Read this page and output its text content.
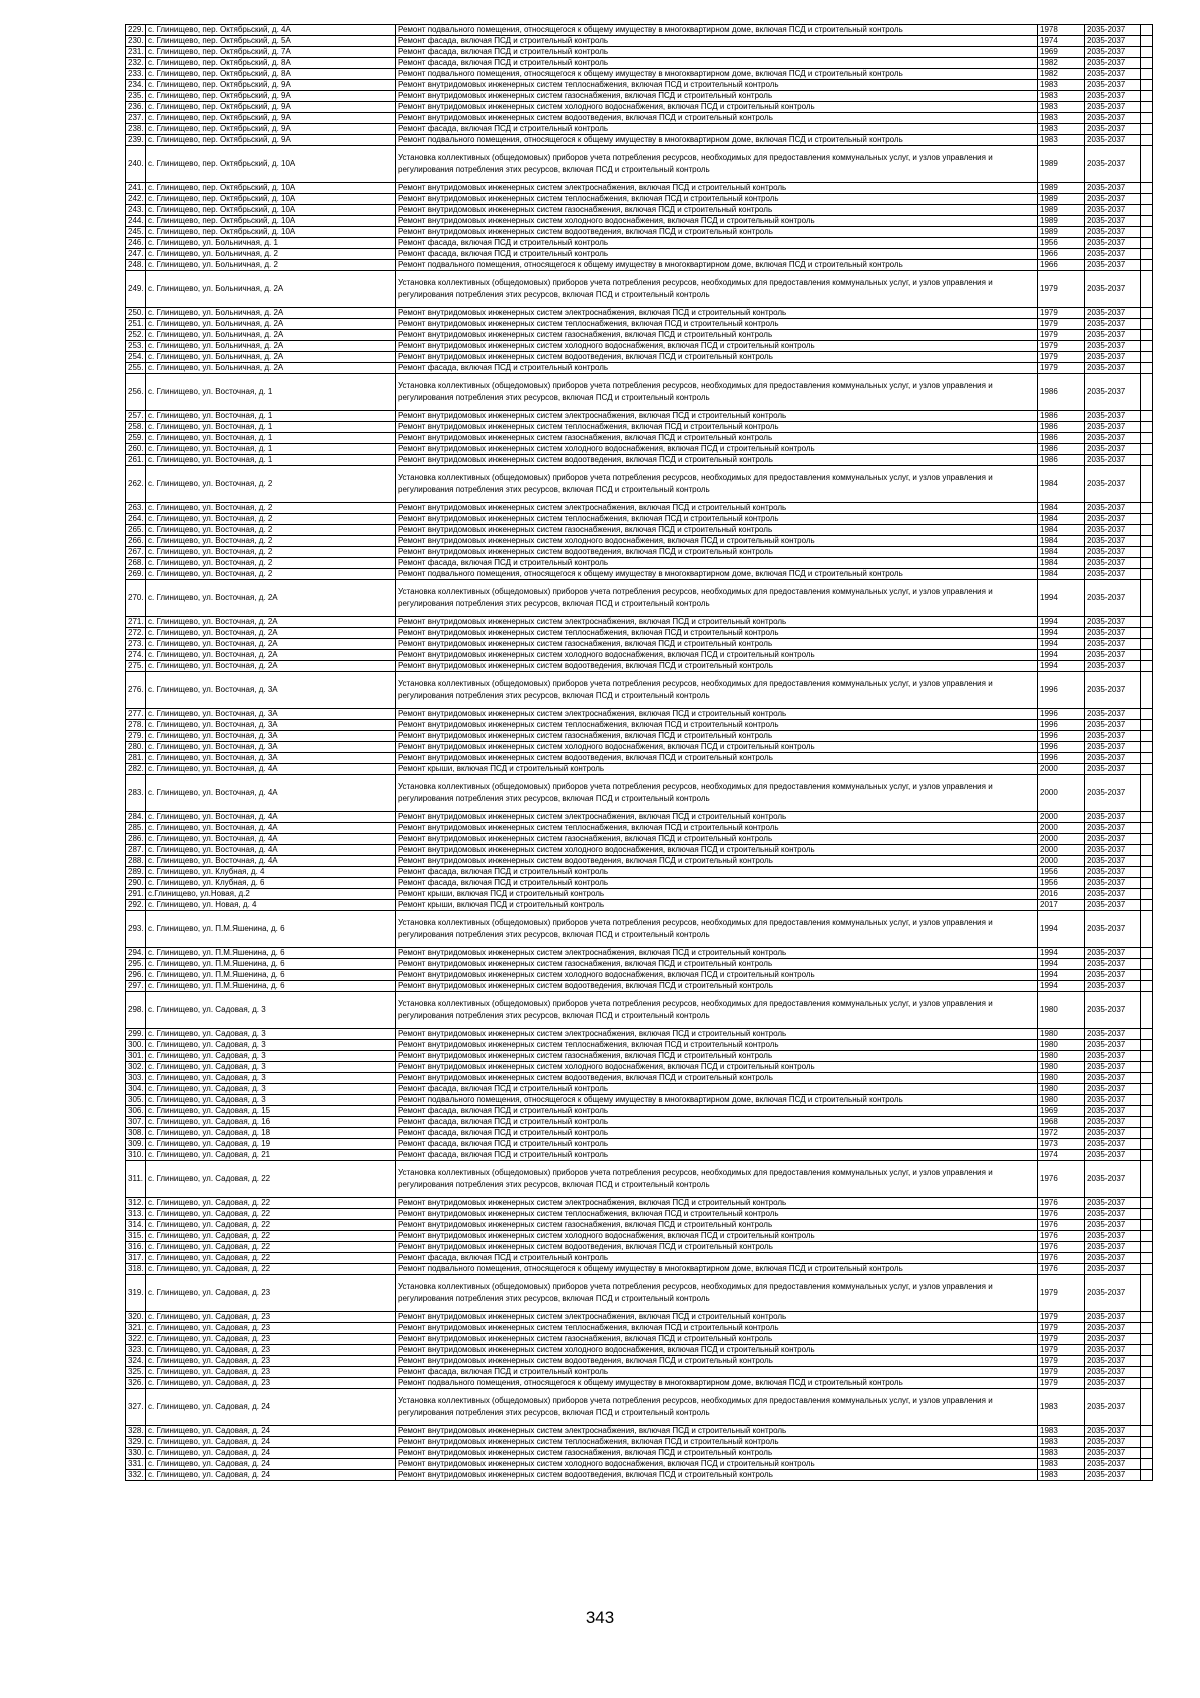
229.	с. Глинищево, пер. Октябрьский, д. 4А	Ремонт подвального помещения, относящегося к общему имуществу в многоквартирном доме, включая ПСД и строительный контроль	1978	2035-2037	
230.	с. Глинищево, пер. Октябрьский, д. 5А	Ремонт фасада, включая ПСД и строительный контроль	1974	2035-2037	
231.	с. Глинищево, пер. Октябрьский, д. 7А	Ремонт фасада, включая ПСД и строительный контроль	1969	2035-2037	
232.	с. Глинищево, пер. Октябрьский, д. 8А	Ремонт фасада, включая ПСД и строительный контроль	1982	2035-2037	
233.	с. Глинищево, пер. Октябрьский, д. 8А	Ремонт подвального помещения, относящегося к общему имуществу в многоквартирном доме, включая ПСД и строительный контроль	1982	2035-2037	
234.	с. Глинищево, пер. Октябрьский, д. 9А	Ремонт внутридомовых инженерных систем теплоснабжения, включая ПСД и строительный контроль	1983	2035-2037	
235.	с. Глинищево, пер. Октябрьский, д. 9А	Ремонт внутридомовых инженерных систем газоснабжения, включая ПСД и строительный контроль	1983	2035-2037	
236.	с. Глинищево, пер. Октябрьский, д. 9А	Ремонт внутридомовых инженерных систем холодного водоснабжения, включая ПСД и строительный контроль	1983	2035-2037	
237.	с. Глинищево, пер. Октябрьский, д. 9А	Ремонт внутридомовых инженерных систем водоотведения, включая ПСД и строительный контроль	1983	2035-2037	
238.	с. Глинищево, пер. Октябрьский, д. 9А	Ремонт фасада, включая ПСД и строительный контроль	1983	2035-2037	
239.	с. Глинищево, пер. Октябрьский, д. 9А	Ремонт подвального помещения, относящегося к общему имуществу в многоквартирном доме, включая ПСД и строительный контроль	1983	2035-2037	
240.	с. Глинищево, пер. Октябрьский, д. 10А	Установка коллективных (общедомовых) приборов учета потребления ресурсов, необходимых для предоставления коммунальных услуг, и узлов управления и регулирования потребления этих ресурсов, включая ПСД и строительный контроль	1989	2035-2037	
241.	с. Глинищево, пер. Октябрьский, д. 10А	Ремонт внутридомовых инженерных систем электроснабжения, включая ПСД и строительный контроль	1989	2035-2037	
242.	с. Глинищево, пер. Октябрьский, д. 10А	Ремонт внутридомовых инженерных систем теплоснабжения, включая ПСД и строительный контроль	1989	2035-2037	
243.	с. Глинищево, пер. Октябрьский, д. 10А	Ремонт внутридомовых инженерных систем газоснабжения, включая ПСД и строительный контроль	1989	2035-2037	
244.	с. Глинищево, пер. Октябрьский, д. 10А	Ремонт внутридомовых инженерных систем холодного водоснабжения, включая ПСД и строительный контроль	1989	2035-2037	
245.	с. Глинищево, пер. Октябрьский, д. 10А	Ремонт внутридомовых инженерных систем водоотведения, включая ПСД и строительный контроль	1989	2035-2037	
246.	с. Глинищево, ул. Больничная, д. 1	Ремонт фасада, включая ПСД и строительный контроль	1956	2035-2037	
247.	с. Глинищево, ул. Больничная, д. 2	Ремонт фасада, включая ПСД и строительный контроль	1966	2035-2037	
248.	с. Глинищево, ул. Больничная, д. 2	Ремонт подвального помещения, относящегося к общему имуществу в многоквартирном доме, включая ПСД и строительный контроль	1966	2035-2037	
249.	с. Глинищево, ул. Больничная, д. 2А	Установка коллективных (общедомовых) приборов учета потребления ресурсов, необходимых для предоставления коммунальных услуг, и узлов управления и регулирования потребления этих ресурсов, включая ПСД и строительный контроль	1979	2035-2037	
250.	с. Глинищево, ул. Больничная, д. 2А	Ремонт внутридомовых инженерных систем электроснабжения, включая ПСД и строительный контроль	1979	2035-2037	
251.	с. Глинищево, ул. Больничная, д. 2А	Ремонт внутридомовых инженерных систем теплоснабжения, включая ПСД и строительный контроль	1979	2035-2037	
252.	с. Глинищево, ул. Больничная, д. 2А	Ремонт внутридомовых инженерных систем газоснабжения, включая ПСД и строительный контроль	1979	2035-2037	
253.	с. Глинищево, ул. Больничная, д. 2А	Ремонт внутридомовых инженерных систем холодного водоснабжения, включая ПСД и строительный контроль	1979	2035-2037	
254.	с. Глинищево, ул. Больничная, д. 2А	Ремонт внутридомовых инженерных систем водоотведения, включая ПСД и строительный контроль	1979	2035-2037	
255.	с. Глинищево, ул. Больничная, д. 2А	Ремонт фасада, включая ПСД и строительный контроль	1979	2035-2037	
256.	с. Глинищево, ул. Восточная, д. 1	Установка коллективных (общедомовых) приборов учета потребления ресурсов, необходимых для предоставления коммунальных услуг, и узлов управления и регулирования потребления этих ресурсов, включая ПСД и строительный контроль	1986	2035-2037	
257.	с. Глинищево, ул. Восточная, д. 1	Ремонт внутридомовых инженерных систем электроснабжения, включая ПСД и строительный контроль	1986	2035-2037	
258.	с. Глинищево, ул. Восточная, д. 1	Ремонт внутридомовых инженерных систем теплоснабжения, включая ПСД и строительный контроль	1986	2035-2037	
259.	с. Глинищево, ул. Восточная, д. 1	Ремонт внутридомовых инженерных систем газоснабжения, включая ПСД и строительный контроль	1986	2035-2037	
260.	с. Глинищево, ул. Восточная, д. 1	Ремонт внутридомовых инженерных систем холодного водоснабжения, включая ПСД и строительный контроль	1986	2035-2037	
261.	с. Глинищево, ул. Восточная, д. 1	Ремонт внутридомовых инженерных систем водоотведения, включая ПСД и строительный контроль	1986	2035-2037	
262.	с. Глинищево, ул. Восточная, д. 2	Установка коллективных (общедомовых) приборов учета потребления ресурсов, необходимых для предоставления коммунальных услуг, и узлов управления и регулирования потребления этих ресурсов, включая ПСД и строительный контроль	1984	2035-2037	
263.	с. Глинищево, ул. Восточная, д. 2	Ремонт внутридомовых инженерных систем электроснабжения, включая ПСД и строительный контроль	1984	2035-2037	
264.	с. Глинищево, ул. Восточная, д. 2	Ремонт внутридомовых инженерных систем теплоснабжения, включая ПСД и строительный контроль	1984	2035-2037	
265.	с. Глинищево, ул. Восточная, д. 2	Ремонт внутридомовых инженерных систем газоснабжения, включая ПСД и строительный контроль	1984	2035-2037	
266.	с. Глинищево, ул. Восточная, д. 2	Ремонт внутридомовых инженерных систем холодного водоснабжения, включая ПСД и строительный контроль	1984	2035-2037	
267.	с. Глинищево, ул. Восточная, д. 2	Ремонт внутридомовых инженерных систем водоотведения, включая ПСД и строительный контроль	1984	2035-2037	
268.	с. Глинищево, ул. Восточная, д. 2	Ремонт фасада, включая ПСД и строительный контроль	1984	2035-2037	
269.	с. Глинищево, ул. Восточная, д. 2	Ремонт подвального помещения, относящегося к общему имуществу в многоквартирном доме, включая ПСД и строительный контроль	1984	2035-2037	
270.	с. Глинищево, ул. Восточная, д. 2А	Установка коллективных (общедомовых) приборов учета потребления ресурсов, необходимых для предоставления коммунальных услуг, и узлов управления и регулирования потребления этих ресурсов, включая ПСД и строительный контроль	1994	2035-2037	
271.	с. Глинищево, ул. Восточная, д. 2А	Ремонт внутридомовых инженерных систем электроснабжения, включая ПСД и строительный контроль	1994	2035-2037	
272.	с. Глинищево, ул. Восточная, д. 2А	Ремонт внутридомовых инженерных систем теплоснабжения, включая ПСД и строительный контроль	1994	2035-2037	
273.	с. Глинищево, ул. Восточная, д. 2А	Ремонт внутридомовых инженерных систем газоснабжения, включая ПСД и строительный контроль	1994	2035-2037	
274.	с. Глинищево, ул. Восточная, д. 2А	Ремонт внутридомовых инженерных систем холодного водоснабжения, включая ПСД и строительный контроль	1994	2035-2037	
275.	с. Глинищево, ул. Восточная, д. 2А	Ремонт внутридомовых инженерных систем водоотведения, включая ПСД и строительный контроль	1994	2035-2037	
276.	с. Глинищево, ул. Восточная, д. 3А	Установка коллективных (общедомовых) приборов учета потребления ресурсов, необходимых для предоставления коммунальных услуг, и узлов управления и регулирования потребления этих ресурсов, включая ПСД и строительный контроль	1996	2035-2037	
277.	с. Глинищево, ул. Восточная, д. 3А	Ремонт внутридомовых инженерных систем электроснабжения, включая ПСД и строительный контроль	1996	2035-2037	
278.	с. Глинищево, ул. Восточная, д. 3А	Ремонт внутридомовых инженерных систем теплоснабжения, включая ПСД и строительный контроль	1996	2035-2037	
279.	с. Глинищево, ул. Восточная, д. 3А	Ремонт внутридомовых инженерных систем газоснабжения, включая ПСД и строительный контроль	1996	2035-2037	
280.	с. Глинищево, ул. Восточная, д. 3А	Ремонт внутридомовых инженерных систем холодного водоснабжения, включая ПСД и строительный контроль	1996	2035-2037	
281.	с. Глинищево, ул. Восточная, д. 3А	Ремонт внутридомовых инженерных систем водоотведения, включая ПСД и строительный контроль	1996	2035-2037	
282.	с. Глинищево, ул. Восточная, д. 4А	Ремонт крыши, включая ПСД и строительный контроль	2000	2035-2037	
283.	с. Глинищево, ул. Восточная, д. 4А	Установка коллективных (общедомовых) приборов учета потребления ресурсов, необходимых для предоставления коммунальных услуг, и узлов управления и регулирования потребления этих ресурсов, включая ПСД и строительный контроль	2000	2035-2037	
284.	с. Глинищево, ул. Восточная, д. 4А	Ремонт внутридомовых инженерных систем электроснабжения, включая ПСД и строительный контроль	2000	2035-2037	
285.	с. Глинищево, ул. Восточная, д. 4А	Ремонт внутридомовых инженерных систем теплоснабжения, включая ПСД и строительный контроль	2000	2035-2037	
286.	с. Глинищево, ул. Восточная, д. 4А	Ремонт внутридомовых инженерных систем газоснабжения, включая ПСД и строительный контроль	2000	2035-2037	
287.	с. Глинищево, ул. Восточная, д. 4А	Ремонт внутридомовых инженерных систем холодного водоснабжения, включая ПСД и строительный контроль	2000	2035-2037	
288.	с. Глинищево, ул. Восточная, д. 4А	Ремонт внутридомовых инженерных систем водоотведения, включая ПСД и строительный контроль	2000	2035-2037	
289.	с. Глинищево, ул. Клубная, д. 4	Ремонт фасада, включая ПСД и строительный контроль	1956	2035-2037	
290.	с. Глинищево, ул. Клубная, д. 6	Ремонт фасада, включая ПСД и строительный контроль	1956	2035-2037	
291.	с.Глинищево, ул.Новая, д.2	Ремонт крыши, включая ПСД и строительный контроль	2016	2035-2037	
292.	с. Глинищево, ул. Новая, д. 4	Ремонт крыши, включая ПСД и строительный контроль	2017	2035-2037	
293.	с. Глинищево, ул. П.М.Яшенина, д. 6	Установка коллективных (общедомовых) приборов учета потребления ресурсов, необходимых для предоставления коммунальных услуг, и узлов управления и регулирования потребления этих ресурсов, включая ПСД и строительный контроль	1994	2035-2037	
294.	с. Глинищево, ул. П.М.Яшенина, д. 6	Ремонт внутридомовых инженерных систем электроснабжения, включая ПСД и строительный контроль	1994	2035-2037	
295.	с. Глинищево, ул. П.М.Яшенина, д. 6	Ремонт внутридомовых инженерных систем газоснабжения, включая ПСД и строительный контроль	1994	2035-2037	
296.	с. Глинищево, ул. П.М.Яшенина, д. 6	Ремонт внутридомовых инженерных систем холодного водоснабжения, включая ПСД и строительный контроль	1994	2035-2037	
297.	с. Глинищево, ул. П.М.Яшенина, д. 6	Ремонт внутридомовых инженерных систем водоотведения, включая ПСД и строительный контроль	1994	2035-2037	
298.	с. Глинищево, ул. Садовая, д. 3	Установка коллективных (общедомовых) приборов учета потребления ресурсов, необходимых для предоставления коммунальных услуг, и узлов управления и регулирования потребления этих ресурсов, включая ПСД и строительный контроль	1980	2035-2037	
299.	с. Глинищево, ул. Садовая, д. 3	Ремонт внутридомовых инженерных систем электроснабжения, включая ПСД и строительный контроль	1980	2035-2037	
300.	с. Глинищево, ул. Садовая, д. 3	Ремонт внутридомовых инженерных систем теплоснабжения, включая ПСД и строительный контроль	1980	2035-2037	
301.	с. Глинищево, ул. Садовая, д. 3	Ремонт внутридомовых инженерных систем газоснабжения, включая ПСД и строительный контроль	1980	2035-2037	
302.	с. Глинищево, ул. Садовая, д. 3	Ремонт внутридомовых инженерных систем холодного водоснабжения, включая ПСД и строительный контроль	1980	2035-2037	
303.	с. Глинищево, ул. Садовая, д. 3	Ремонт внутридомовых инженерных систем водоотведения, включая ПСД и строительный контроль	1980	2035-2037	
304.	с. Глинищево, ул. Садовая, д. 3	Ремонт фасада, включая ПСД и строительный контроль	1980	2035-2037	
305.	с. Глинищево, ул. Садовая, д. 3	Ремонт подвального помещения, относящегося к общему имуществу в многоквартирном доме, включая ПСД и строительный контроль	1980	2035-2037	
306.	с. Глинищево, ул. Садовая, д. 15	Ремонт фасада, включая ПСД и строительный контроль	1969	2035-2037	
307.	с. Глинищево, ул. Садовая, д. 16	Ремонт фасада, включая ПСД и строительный контроль	1968	2035-2037	
308.	с. Глинищево, ул. Садовая, д. 18	Ремонт фасада, включая ПСД и строительный контроль	1972	2035-2037	
309.	с. Глинищево, ул. Садовая, д. 19	Ремонт фасада, включая ПСД и строительный контроль	1973	2035-2037	
310.	с. Глинищево, ул. Садовая, д. 21	Ремонт фасада, включая ПСД и строительный контроль	1974	2035-2037	
311.	с. Глинищево, ул. Садовая, д. 22	Установка коллективных (общедомовых) приборов учета потребления ресурсов, необходимых для предоставления коммунальных услуг, и узлов управления и регулирования потребления этих ресурсов, включая ПСД и строительный контроль	1976	2035-2037	
312.	с. Глинищево, ул. Садовая, д. 22	Ремонт внутридомовых инженерных систем электроснабжения, включая ПСД и строительный контроль	1976	2035-2037	
313.	с. Глинищево, ул. Садовая, д. 22	Ремонт внутридомовых инженерных систем теплоснабжения, включая ПСД и строительный контроль	1976	2035-2037	
314.	с. Глинищево, ул. Садовая, д. 22	Ремонт внутридомовых инженерных систем газоснабжения, включая ПСД и строительный контроль	1976	2035-2037	
315.	с. Глинищево, ул. Садовая, д. 22	Ремонт внутридомовых инженерных систем холодного водоснабжения, включая ПСД и строительный контроль	1976	2035-2037	
316.	с. Глинищево, ул. Садовая, д. 22	Ремонт внутридомовых инженерных систем водоотведения, включая ПСД и строительный контроль	1976	2035-2037	
317.	с. Глинищево, ул. Садовая, д. 22	Ремонт фасада, включая ПСД и строительный контроль	1976	2035-2037	
318.	с. Глинищево, ул. Садовая, д. 22	Ремонт подвального помещения, относящегося к общему имуществу в многоквартирном доме, включая ПСД и строительный контроль	1976	2035-2037	
319.	с. Глинищево, ул. Садовая, д. 23	Установка коллективных (общедомовых) приборов учета потребления ресурсов, необходимых для предоставления коммунальных услуг, и узлов управления и регулирования потребления этих ресурсов, включая ПСД и строительный контроль	1979	2035-2037	
320.	с. Глинищево, ул. Садовая, д. 23	Ремонт внутридомовых инженерных систем электроснабжения, включая ПСД и строительный контроль	1979	2035-2037	
321.	с. Глинищево, ул. Садовая, д. 23	Ремонт внутридомовых инженерных систем теплоснабжения, включая ПСД и строительный контроль	1979	2035-2037	
322.	с. Глинищево, ул. Садовая, д. 23	Ремонт внутридомовых инженерных систем газоснабжения, включая ПСД и строительный контроль	1979	2035-2037	
323.	с. Глинищево, ул. Садовая, д. 23	Ремонт внутридомовых инженерных систем холодного водоснабжения, включая ПСД и строительный контроль	1979	2035-2037	
324.	с. Глинищево, ул. Садовая, д. 23	Ремонт внутридомовых инженерных систем водоотведения, включая ПСД и строительный контроль	1979	2035-2037	
325.	с. Глинищево, ул. Садовая, д. 23	Ремонт фасада, включая ПСД и строительный контроль	1979	2035-2037	
326.	с. Глинищево, ул. Садовая, д. 23	Ремонт подвального помещения, относящегося к общему имуществу в многоквартирном доме, включая ПСД и строительный контроль	1979	2035-2037	
327.	с. Глинищево, ул. Садовая, д. 24	Установка коллективных (общедомовых) приборов учета потребления ресурсов, необходимых для предоставления коммунальных услуг, и узлов управления и регулирования потребления этих ресурсов, включая ПСД и строительный контроль	1983	2035-2037	
328.	с. Глинищево, ул. Садовая, д. 24	Ремонт внутридомовых инженерных систем электроснабжения, включая ПСД и строительный контроль	1983	2035-2037	
329.	с. Глинищево, ул. Садовая, д. 24	Ремонт внутридомовых инженерных систем теплоснабжения, включая ПСД и строительный контроль	1983	2035-2037	
330.	с. Глинищево, ул. Садовая, д. 24	Ремонт внутридомовых инженерных систем газоснабжения, включая ПСД и строительный контроль	1983	2035-2037	
331.	с. Глинищево, ул. Садовая, д. 24	Ремонт внутридомовых инженерных систем холодного водоснабжения, включая ПСД и строительный контроль	1983	2035-2037	
332.	с. Глинищево, ул. Садовая, д. 24	Ремонт внутридомовых инженерных систем водоотведения, включая ПСД и строительный контроль	1983	2035-2037	
343
